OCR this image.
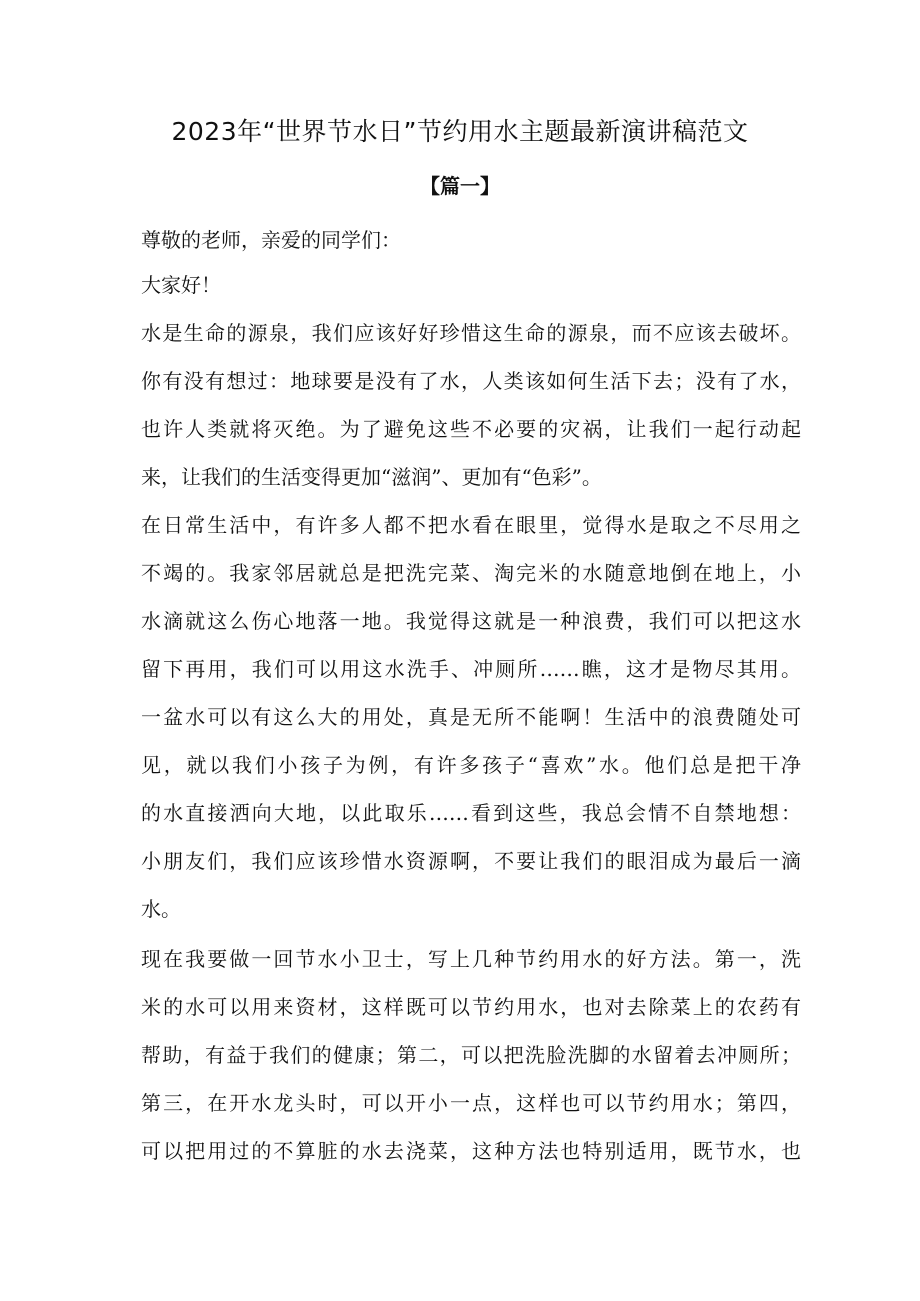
2023年“世界节水日”节约用水主题最新演讲稿范文
【篇一】
尊敬的老师，亲爱的同学们：
大家好！
水是生命的源泉，我们应该好好珍惜这生命的源泉，而不应该去破坏。
你有没有想过：地球要是没有了水，人类该如何生活下去；没有了水，
也许人类就将灭绝。为了避免这些不必要的灾祸，让我们一起行动起
来，让我们的生活变得更加“滋润”、更加有“色彩”。
在日常生活中，有许多人都不把水看在眼里，觉得水是取之不尽用之
不竭的。我家邻居就总是把洗完菜、淘完米的水随意地倒在地上，小
水滴就这么伤心地落一地。我觉得这就是一种浪费，我们可以把这水
留下再用，我们可以用这水洗手、冲厕所……瞧，这才是物尽其用。
一盆水可以有这么大的用处，真是无所不能啊！生活中的浪费随处可
见，就以我们小孩子为例，有许多孩子“喜欢”水。他们总是把干净
的水直接洒向大地，以此取乐……看到这些，我总会情不自禁地想：
小朋友们，我们应该珍惜水资源啊，不要让我们的眼泪成为最后一滴
水。
现在我要做一回节水小卫士，写上几种节约用水的好方法。第一，洗
米的水可以用来资材，这样既可以节约用水，也对去除菜上的农药有
帮助，有益于我们的健康；第二，可以把洗脸洗脚的水留着去冲厕所；
第三，在开水龙头时，可以开小一点，这样也可以节约用水；第四，
可以把用过的不算脏的水去浇菜，这种方法也特别适用，既节水，也
